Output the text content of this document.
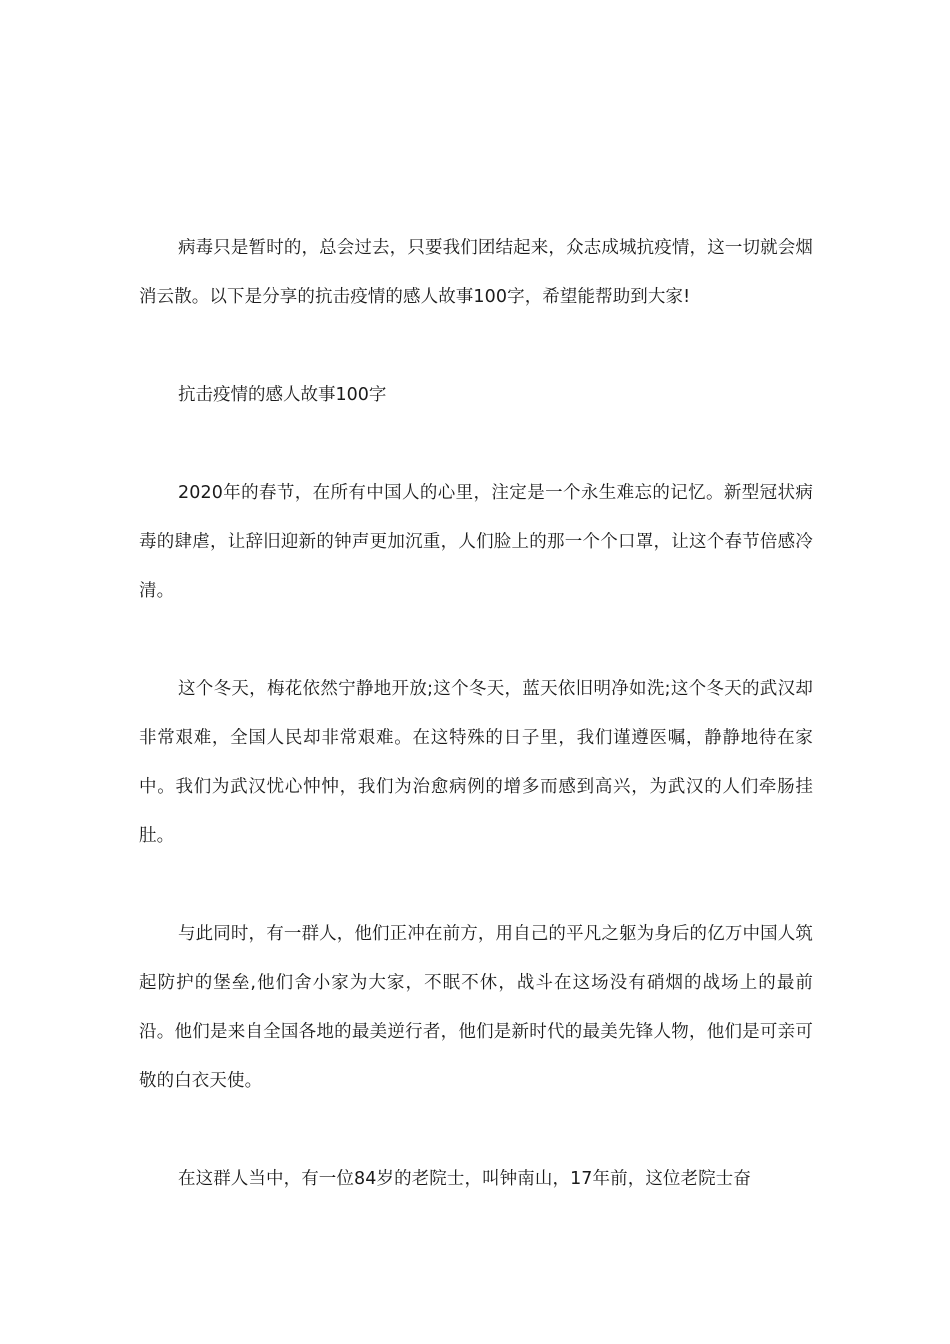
病毒只是暂时的，总会过去，只要我们团结起来，众志成城抗疫情，这一切就会烟消云散。以下是分享的抗击疫情的感人故事100字，希望能帮助到大家!

抗击疫情的感人故事100字

2020年的春节，在所有中国人的心里，注定是一个永生难忘的记忆。新型冠状病毒的肆虐，让辞旧迎新的钟声更加沉重，人们脸上的那一个个口罩，让这个春节倍感冷清。

这个冬天，梅花依然宁静地开放;这个冬天，蓝天依旧明净如洗;这个冬天的武汉却非常艰难，全国人民却非常艰难。在这特殊的日子里，我们谨遵医嘱，静静地待在家中。我们为武汉忧心忡忡，我们为治愈病例的增多而感到高兴，为武汉的人们牵肠挂肚。

与此同时，有一群人，他们正冲在前方，用自己的平凡之躯为身后的亿万中国人筑起防护的堡垒,他们舍小家为大家，不眠不休，战斗在这场没有硝烟的战场上的最前沿。他们是来自全国各地的最美逆行者，他们是新时代的最美先锋人物，他们是可亲可敬的白衣天使。

在这群人当中，有一位84岁的老院士，叫钟南山，17年前，这位老院士奋
